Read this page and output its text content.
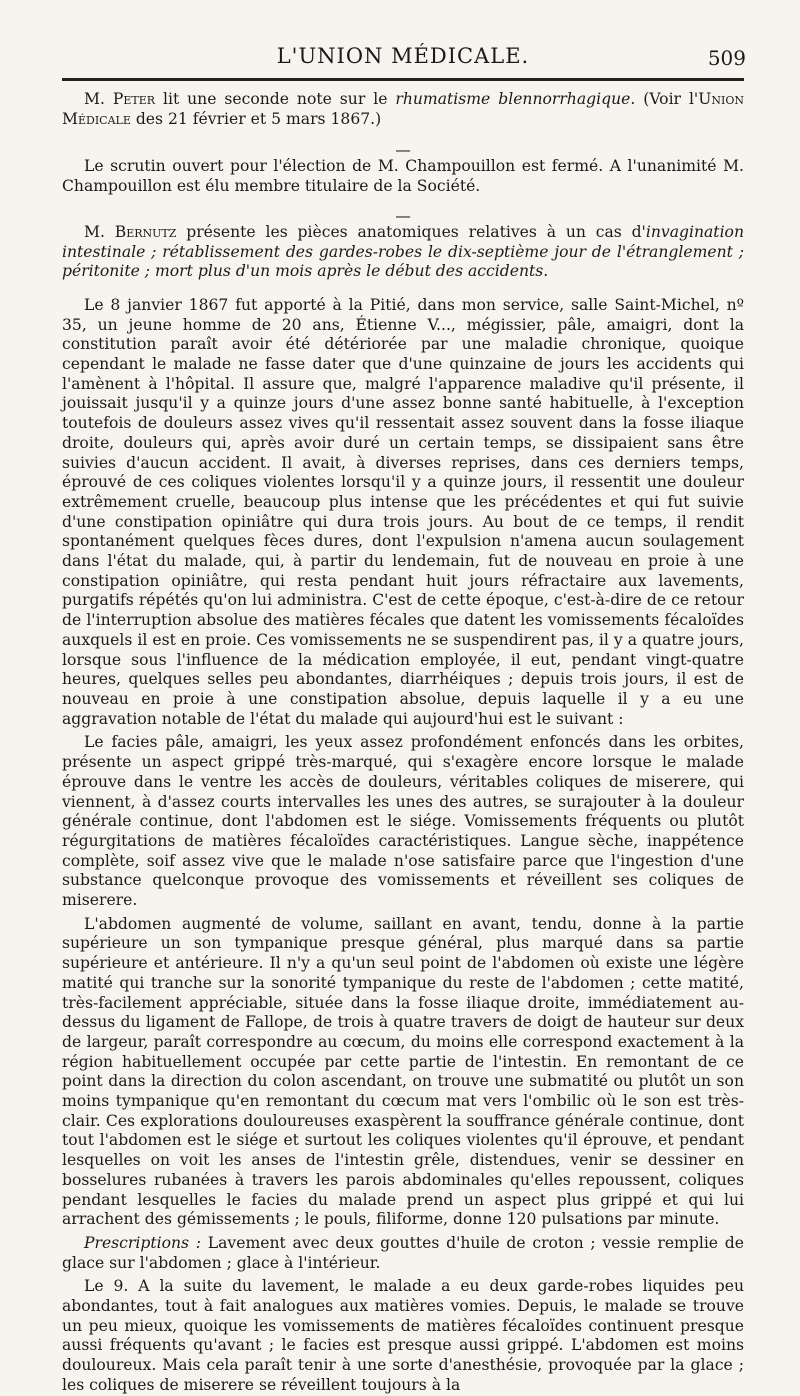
L'UNION MÉDICALE.	509

M. Peter lit une seconde note sur le rhumatisme blennorrhagique. (Voir l'Union Médicale des 21 février et 5 mars 1867.)

—

Le scrutin ouvert pour l'élection de M. Champouillon est fermé. A l'unanimité M. Champouillon est élu membre titulaire de la Société.

—

M. Bernutz présente les pièces anatomiques relatives à un cas d'invagination intestinale ; rétablissement des gardes-robes le dix-septième jour de l'étranglement ; péritonite ; mort plus d'un mois après le début des accidents.

Le 8 janvier 1867 fut apporté à la Pitié, dans mon service, salle Saint-Michel, nº 35, un jeune homme de 20 ans, Étienne V..., mégissier, pâle, amaigri, dont la constitution paraît avoir été détériorée par une maladie chronique, quoique cependant le malade ne fasse dater que d'une quinzaine de jours les accidents qui l'amènent à l'hôpital. Il assure que, malgré l'apparence maladive qu'il présente, il jouissait jusqu'il y a quinze jours d'une assez bonne santé habituelle, à l'exception toutefois de douleurs assez vives qu'il ressentait assez souvent dans la fosse iliaque droite, douleurs qui, après avoir duré un certain temps, se dissipaient sans être suivies d'aucun accident. Il avait, à diverses reprises, dans ces derniers temps, éprouvé de ces coliques violentes lorsqu'il y a quinze jours, il ressentit une douleur extrêmement cruelle, beaucoup plus intense que les précédentes et qui fut suivie d'une constipation opiniâtre qui dura trois jours. Au bout de ce temps, il rendit spontanément quelques fèces dures, dont l'expulsion n'amena aucun soulagement dans l'état du malade, qui, à partir du lendemain, fut de nouveau en proie à une constipation opiniâtre, qui resta pendant huit jours réfractaire aux lavements, purgatifs répétés qu'on lui administra. C'est de cette époque, c'est-à-dire de ce retour de l'interruption absolue des matières fécales que datent les vomissements fécaloïdes auxquels il est en proie. Ces vomissements ne se suspendirent pas, il y a quatre jours, lorsque sous l'influence de la médication employée, il eut, pendant vingt-quatre heures, quelques selles peu abondantes, diarrhéiques ; depuis trois jours, il est de nouveau en proie à une constipation absolue, depuis laquelle il y a eu une aggravation notable de l'état du malade qui aujourd'hui est le suivant :

Le facies pâle, amaigri, les yeux assez profondément enfoncés dans les orbites, présente un aspect grippé très-marqué, qui s'exagère encore lorsque le malade éprouve dans le ventre les accès de douleurs, véritables coliques de miserere, qui viennent, à d'assez courts intervalles les unes des autres, se surajouter à la douleur générale continue, dont l'abdomen est le siége. Vomissements fréquents ou plutôt régurgitations de matières fécaloïdes caractéristiques. Langue sèche, inappétence complète, soif assez vive que le malade n'ose satisfaire parce que l'ingestion d'une substance quelconque provoque des vomissements et réveillent ses coliques de miserere.

L'abdomen augmenté de volume, saillant en avant, tendu, donne à la partie supérieure un son tympanique presque général, plus marqué dans sa partie supérieure et antérieure. Il n'y a qu'un seul point de l'abdomen où existe une légère matité qui tranche sur la sonorité tympanique du reste de l'abdomen ; cette matité, très-facilement appréciable, située dans la fosse iliaque droite, immédiatement au-dessus du ligament de Fallope, de trois à quatre travers de doigt de hauteur sur deux de largeur, paraît correspondre au cœcum, du moins elle correspond exactement à la région habituellement occupée par cette partie de l'intestin. En remontant de ce point dans la direction du colon ascendant, on trouve une submatité ou plutôt un son moins tympanique qu'en remontant du cœcum mat vers l'ombilic où le son est très-clair. Ces explorations douloureuses exaspèrent la souffrance générale continue, dont tout l'abdomen est le siége et surtout les coliques violentes qu'il éprouve, et pendant lesquelles on voit les anses de l'intestin grêle, distendues, venir se dessiner en bosselures rubanées à travers les parois abdominales qu'elles repoussent, coliques pendant lesquelles le facies du malade prend un aspect plus grippé et qui lui arrachent des gémissements ; le pouls, filiforme, donne 120 pulsations par minute.

Prescriptions : Lavement avec deux gouttes d'huile de croton ; vessie remplie de glace sur l'abdomen ; glace à l'intérieur.

Le 9. A la suite du lavement, le malade a eu deux garde-robes liquides peu abondantes, tout à fait analogues aux matières vomies. Depuis, le malade se trouve un peu mieux, quoique les vomissements de matières fécaloïdes continuent presque aussi fréquents qu'avant ; le facies est presque aussi grippé. L'abdomen est moins douloureux. Mais cela paraît tenir à une sorte d'anesthésie, provoquée par la glace ; les coliques de miserere se réveillent toujours à la
